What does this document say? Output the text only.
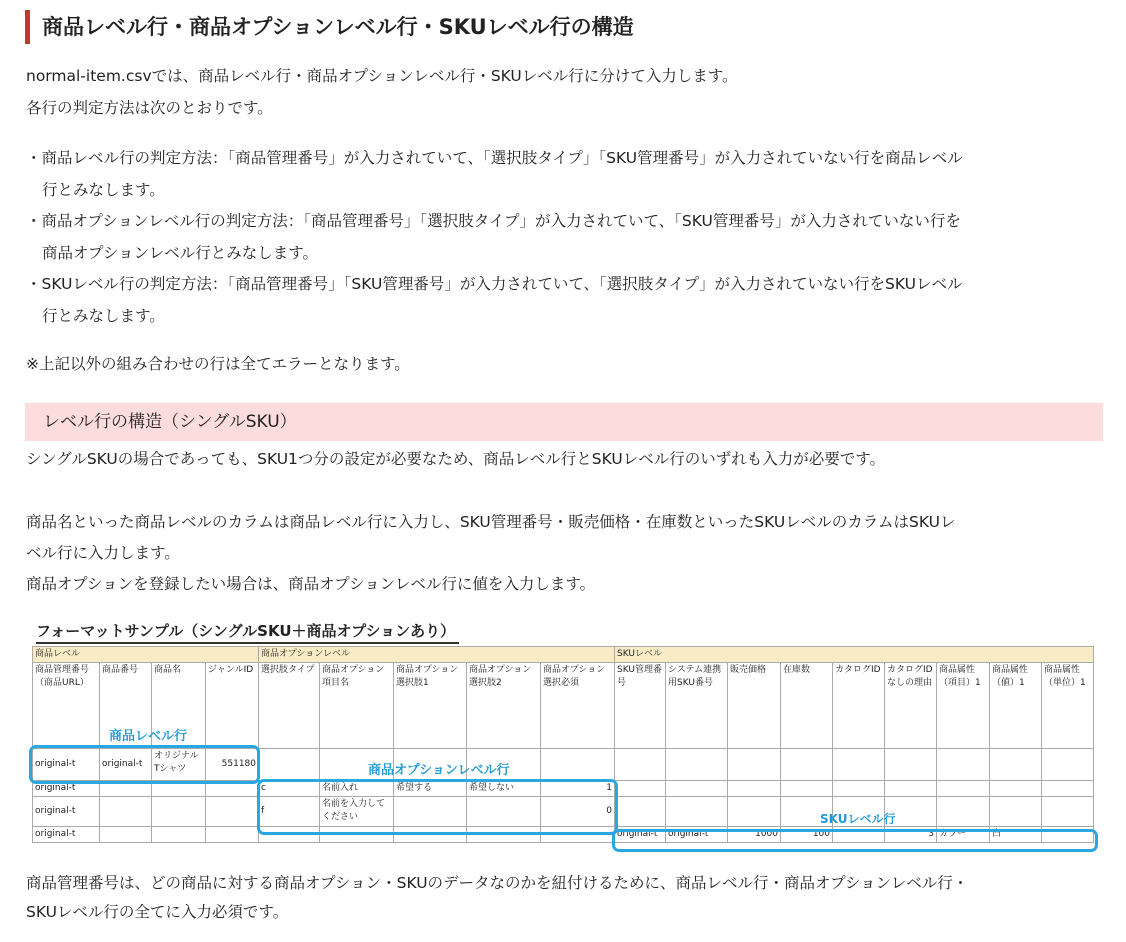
商品レベル行・商品オプションレベル行・SKUレベル行の構造
normal-item.csvでは、商品レベル行・商品オプションレベル行・SKUレベル行に分けて入力します。
各行の判定方法は次のとおりです。
・商品レベル行の判定方法：「商品管理番号」が入力されていて、「選択肢タイプ」「SKU管理番号」が入力されていない行を商品レベル
行とみなします。
・商品オプションレベル行の判定方法：「商品管理番号」「選択肢タイプ」が入力されていて、「SKU管理番号」が入力されていない行を
商品オプションレベル行とみなします。
・SKUレベル行の判定方法：「商品管理番号」「SKU管理番号」が入力されていて、「選択肢タイプ」が入力されていない行をSKUレベル
行とみなします。
※上記以外の組み合わせの行は全てエラーとなります。
レベル行の構造（シングルSKU）
シングルSKUの場合であっても、SKU1つ分の設定が必要なため、商品レベル行とSKUレベル行のいずれも入力が必要です。
商品名といった商品レベルのカラムは商品レベル行に入力し、SKU管理番号・販売価格・在庫数といったSKUレベルのカラムはSKUレ
ベル行に入力します。
商品オプションを登録したい場合は、商品オプションレベル行に値を入力します。
フォーマットサンプル（シングルSKU＋商品オプションあり）
商品レベル				商品オプションレベル					SKUレベル								
商品管理番号（商品URL）	商品番号	商品名	ジャンルID	選択肢タイプ	商品オプション項目名	商品オプション選択肢1	商品オプション選択肢2	商品オプション選択必須	SKU管理番号	システム連携用SKU番号	販売価格	在庫数	カタログID	カタログIDなしの理由	商品属性（項目）1	商品属性（値）1	商品属性（単位）1
original-t	original-t	オリジナルTシャツ	551180														
original-t				c	名前入れ	希望する	希望しない	1									
original-t				f	名前を入力してください			0									
original-t									original-t	original-t	1000	100		3	カラー	白	
商品レベル行
商品オプションレベル行
SKUレベル行
商品管理番号は、どの商品に対する商品オプション・SKUのデータなのかを紐付けるために、商品レベル行・商品オプションレベル行・
SKUレベル行の全てに入力必須です。
